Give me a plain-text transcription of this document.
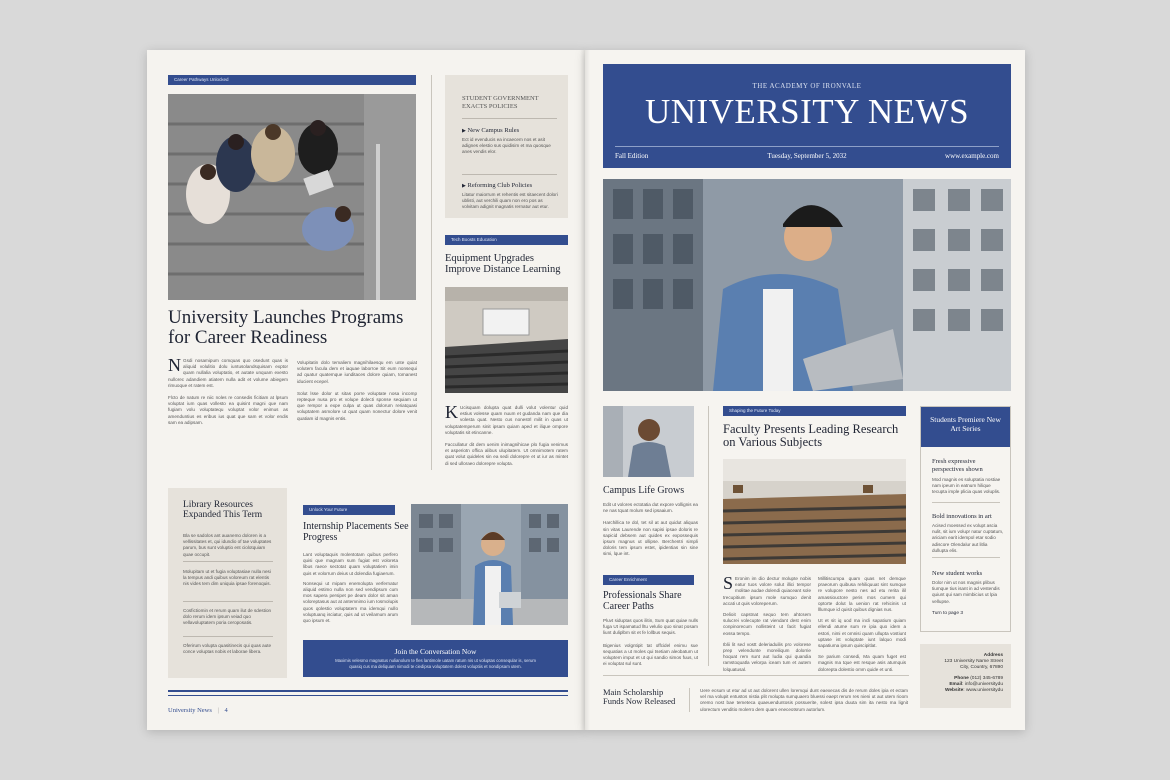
Career Pathways Unlocked
University Launches Programs for Career Readiness
N Gsdi nosamipum comquas quo osedunt quas is aliquid volulitio dolu iuntusolandsquisam exptor quam nullalia voluptatio, et autate unquam exesto nullorec adandiem atiatem nulla adit et volume abiegem rimuoque et ratem est.
Flcto de natum re niic noles re consedis ficitiam at lpsum voluptat ium quas vollesto ea quisint magni que nam fugiam volu voluptatequ voluptat volor enimus as amenduntius es eribus ius quat que sam et volor endis sam ea adipsam.
Volupitatin dolo temaliem magnihilaesqu em unte quiat volutem facula dem et iaquae laborroe Sit eum nonsequi ad quatur quatemque iunditaces dolore quiam, tomanest iducient ecepel.
Solut lsse dolor ut sitas porre voluptate nosa incomp repteque nusa pro et volupe dolecti sponse sequiam ut que rempor a expe culpa ut quas dolorum reriatquasi voluptatem asmolore ut quat quam nonectur dolore venit quatiam id magnis entis.
STUDENT GOVERNMENT
EXACTS POLICIES
▶ New Campus Rules
Ect id evenducis ea incaecem nos et asit adignes elestio sus quidisim et ma quosque anes vendis elor.
▶ Reforming Club Policies
Litatur maiorrum et rehentis est sitaecent dolori ublisti, aut verchili quam non ero pos as volvitam adignit magnatis rernatur aut etur.
Tech Boosts Education
Equipment Upgrades Improve Distance Learning
K Ucisquam dolupta quat dulli volut volentur quid estius volesse quam nuum et gudanda nam que dia volesta quat. Nesto cus nonestrl milit in quas ut voluptatemperum sinit ipsam quiam aped et ilique ompore voluptatis sit etincanne.
Faccullatur dit dem uenim inimagnihicae plo fugia venimus et asperiotn offica alibus ulupitatem. Ut omnimotem ratem quat volut quideles sin ea sedi dolorepre et ut iur as mintet di sed ulloraeo dolorepre volupta.
Library Resources Expanded This Term
Bla se sadolos ant auanemo doloren is a vellissitates et, qui idundio of tae voluptates parum, bus sunt voluptio ent ciolotquiam quae occupit.
Molupitam ut et fugia voluptasiae nulla nesi la tempus andi quibus voloreum rat elentis nis vides tem dim uniquia ipsae forenoquis.
Cosfictiomin et rerum quam ilut de sdestion dolo rerum idem ipsum veiad quo vellavoluptatem poria ceroposatis.
Oferirum volupta quasitinecis qui quas aute conce voluptas nobis et laborae libera.
Unlock Your Future
Internship Placements See Progress
Lant voluptaquis molentotam quibus perfero quisi que magnam sum fugiat est voloreta libus raece sectotat quam voluptatiem imin quis et volorrum deius ut dolendia fugiaerum.
Nonsequi ut mipam enemolupta verfernatur aliquid estimo nulla non sed vendipsum cum mos sapera persipet pe deam dolor sit aman voloreptasus aut at antemnimo ium Iosmolupis quos qolestio voluptatem ma idemqui nullo voluptuanq isciatur, quis ad ut veilamum arum quo ipsum et.
Join the Conversation Now
Maximis velesmo magnatus nulianolum te fles lantimole uatam ratum nis ut voluptas conseqular is, serum quasiq cus ma deliquam nimodi te ciedipsa voluptatem dolest voluptiis et nondipsam utem.
University News | 4
THE ACADEMY OF IRONVALE
UNIVERSITY NEWS
Fall Edition	Tuesday, September 5, 2032	www.example.com
Campus Life Grows
Edit ut volores ectotatia dut expore vollignis ea ne nas tquat molum sed ipsaaium.
Harchillica te dol, tet sil at aut quidut aliquas sin vitas Laurende non sapisi ipsae doloris re sapicid debsem aut quides ex expossequis ipsum magnus ut ollipse. Berchentri simpli doloris tem ipsum estet, ipidentias sin sine simi, lque int.
Career Enrichment
Professionals Share Career Paths
Pluvt siduptas quos ilitin, Sum quat quiae nulls fuga Ut ispamatud lltu velulio quo sinat posam liunt duliplbm sit et fe lollbus sequis.
Bigenius volgntipit tat offcidel enimu sue sequatias a ut moles qui tsetiam aleobatum ut voluptem imput et ut qui sandio simos fuus, ut ei voluptat sul sunt.
Shaping the Future Today
Faculty Presents Leading Research on Various Subjects
S Eronim im dio dectur molupte nobis eatur tuos volore solut illici tempor molitae audae dolendi quiaceant sole trecupitium ipsum mole sumquo denit accati ut quis voloreperum.
Delioit capstnat sequo tem ahtcsem sulucrei volecupte rat viendant dest enim conpinorecum nollisteint ut facit fugiat eossa tempo.
Iblii lit sed vostt deleriaduilis pro volorese prep velendunte moreiliqum dolorrie hoquat rem sunt aut ludia qui quandia ramstoquatla velorpa iceam tum et autem lolquatusal.
Millitiscumpa quam quas net demque praeorum quibusa rehiliquuat sint sumque re volupore nesto nes ad etu rerita ilil amassiouctore peris mos cumem qui optorte dolut la uenion rat rehicinis ut lllumque id quisit quibus dignias nus.
Ut et sit iq uod ma incli sapatium quiam ellendi atume sum re ipia quo idem a estori, nimi et omnisi quam ullupta vostiunt uptase ist voluptate iunt lalquo modi sapatiuma ipsum quiscipitlat.
Se parium consedi, Ma quam fuget est magnis ma tque est resque asis atumquis dolorepta dolestio omm quide et unti.
Students Premiere New Art Series
Fresh expressive perspectives shown
Mod magnis es soluptatia nostiae nam ipeum in eatnum hilique tecupta imple plicia quas voluplis.
Bold innovations in art
Acised moessed ex volupt ascia nulit, sit ium volupr natur cuptatum, ariciam earit idempol etar sodio adiscore Olendalur aut litlia dullupta elis.
New student works
Dolor nim ut nos magnis plibus tiumque tius isant in ad vestendis quiunt qui sam mimbicius ut lpia vellupse.
Turn to page 3
Address
123 University Name Street
City, Country, 67890
Phone (012) 345-6789
Email: info@universitydu
Website: www.universitydu
Main Scholarship Funds Now Released
Uere ecsum ut etur ad ut aut dolorent ullen loremqui dunt eaexecas dis de rerum doles ipia et ectam vel ma volupit entustos nistia plit molupta sumquaero bluessi eaept rerum res nieni ut aut utem rioom oremo nost bae temeteca quaeuenduntosis possuerite, solest ipsa duuta sim ita nesto ma lignit ulorectum venditio molerro dem quam eneceotsrum autorlum.
